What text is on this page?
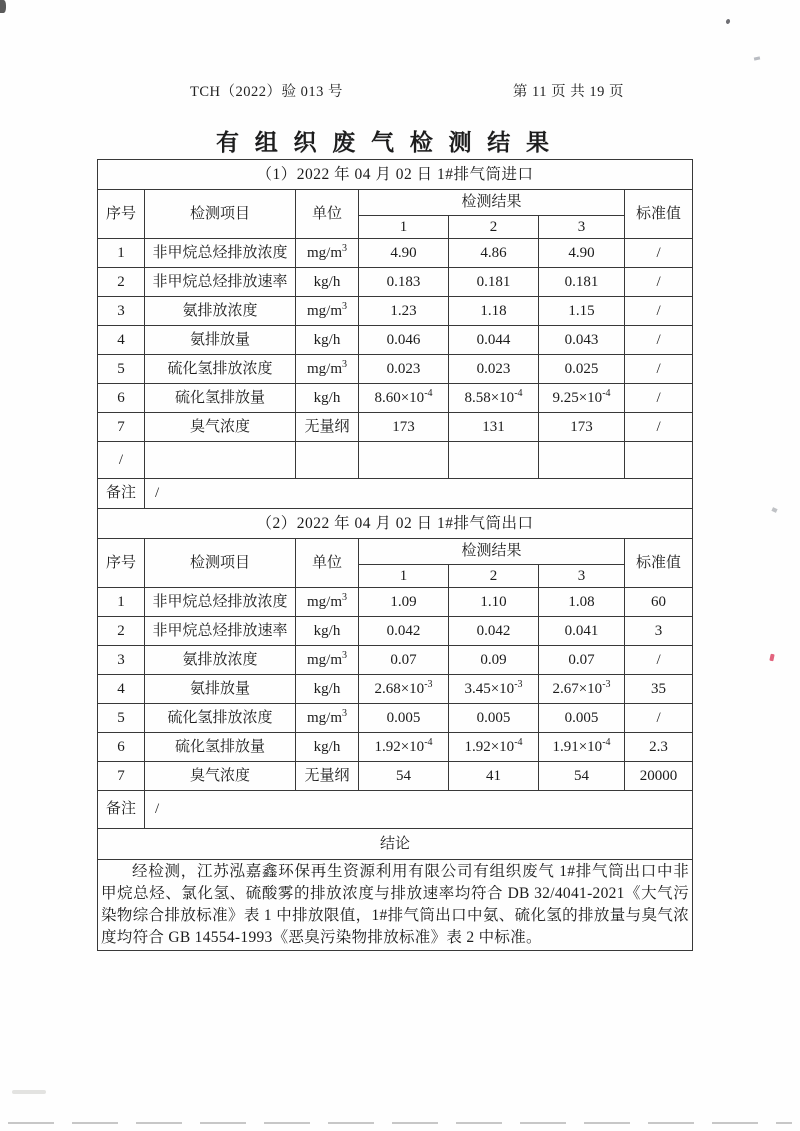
TCH（2022）验 013 号	第 11 页 共 19 页
有 组 织 废 气 检 测 结 果
（1）2022 年 04 月 02 日 1#排气筒进口						
序号	检测项目	单位	检测结果			标准值
			1	2	3	
1	非甲烷总烃排放浓度	$mg/m^3$	4.90	4.86	4.90	/
2	非甲烷总烃排放速率	kg/h	0.183	0.181	0.181	/
3	氨排放浓度	$mg/m^3$	1.23	1.18	1.15	/
4	氨排放量	kg/h	0.046	0.044	0.043	/
5	硫化氢排放浓度	$mg/m^3$	0.023	0.023	0.025	/
6	硫化氢排放量	kg/h	$8.60\times 10^{-4}$	$8.58\times 10^{-4}$	$9.25\times 10^{-4}$	/
7	臭气浓度	无量纲	173	131	173	/
/						
备注	/					
（2）2022 年 04 月 02 日 1#排气筒出口						
序号	检测项目	单位	检测结果			标准值
			1	2	3	
1	非甲烷总烃排放浓度	$mg/m^3$	1.09	1.10	1.08	60
2	非甲烷总烃排放速率	kg/h	0.042	0.042	0.041	3
3	氨排放浓度	$mg/m^3$	0.07	0.09	0.07	/
4	氨排放量	kg/h	$2.68\times 10^{-3}$	$3.45\times 10^{-3}$	$2.67\times 10^{-3}$	35
5	硫化氢排放浓度	$mg/m^3$	0.005	0.005	0.005	/
6	硫化氢排放量	kg/h	$1.92\times 10^{-4}$	$1.92\times 10^{-4}$	$1.91\times 10^{-4}$	2.3
7	臭气浓度	无量纲	54	41	54	20000
备注	/					
结论						

经检测，江苏泓嘉鑫环保再生资源利用有限公司有组织废气 1#排气筒出口中非甲烷总烃、氯化氢、硫酸雾的排放浓度与排放速率均符合 DB 32/4041-2021《大气污染物综合排放标准》表 1 中排放限值，1#排气筒出口中氨、硫化氢的排放量与臭气浓度均符合 GB 14554-1993《恶臭污染物排放标准》表 2 中标准。						
